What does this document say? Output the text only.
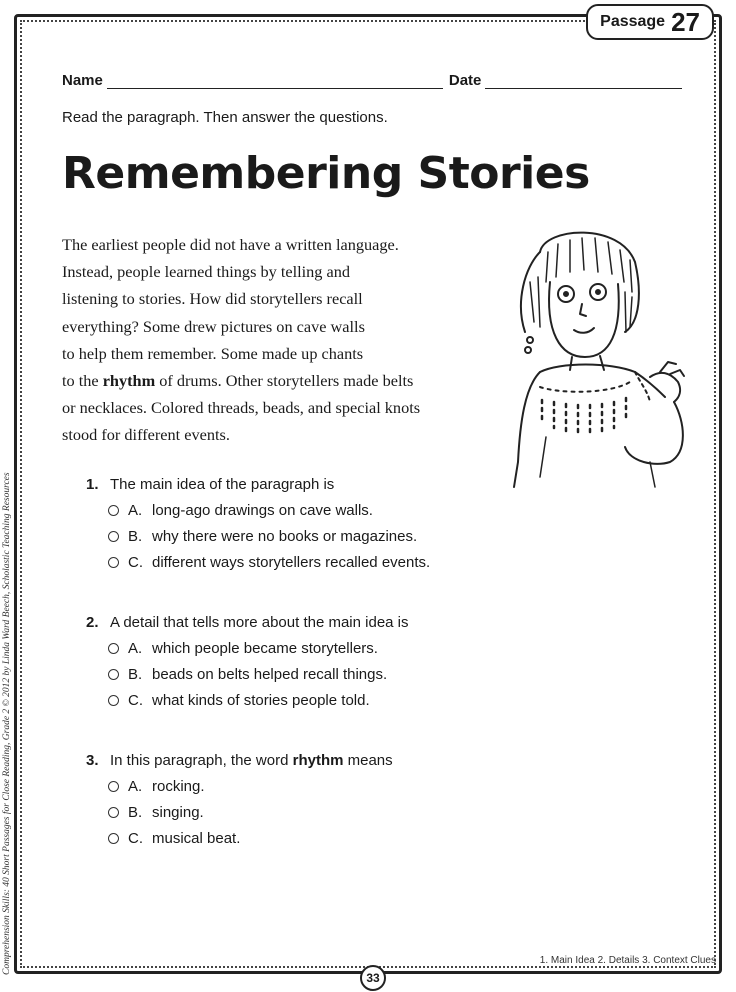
Passage 27
Name	Date
Read the paragraph. Then answer the questions.
Remembering Stories
The earliest people did not have a written language.
Instead, people learned things by telling and
listening to stories. How did storytellers recall
everything? Some drew pictures on cave walls
to help them remember. Some made up chants
to the rhythm of drums. Other storytellers made belts
or necklaces. Colored threads, beads, and special knots
stood for different events.
1. The main idea of the paragraph is
A. long-ago drawings on cave walls.
B. why there were no books or magazines.
C. different ways storytellers recalled events.
2. A detail that tells more about the main idea is
A. which people became storytellers.
B. beads on belts helped recall things.
C. what kinds of stories people told.
3. In this paragraph, the word rhythm means
A. rocking.
B. singing.
C. musical beat.
1. Main Idea 2. Details 3. Context Clues
33
Comprehension Skills: 40 Short Passages for Close Reading, Grade 2 © 2012 by Linda Ward Beech, Scholastic Teaching Resources
